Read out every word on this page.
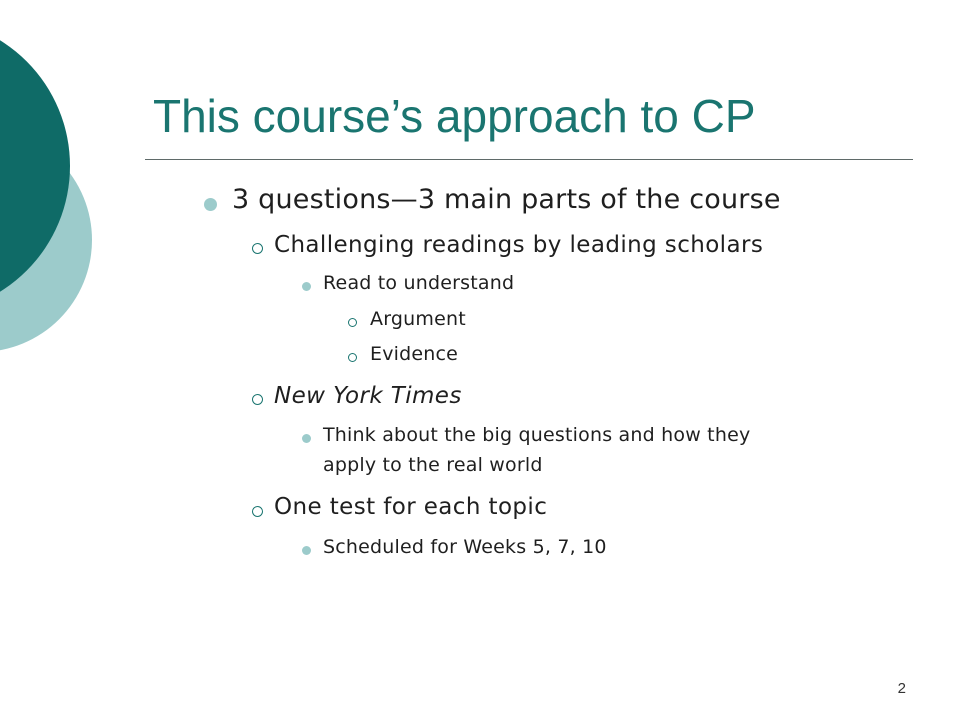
This course’s approach to CP
3 questions—3 main parts of the course
Challenging readings by leading scholars
Read to understand
Argument
Evidence
New York Times
Think about the big questions and how they
apply to the real world
One test for each topic
Scheduled for Weeks 5, 7, 10
2
